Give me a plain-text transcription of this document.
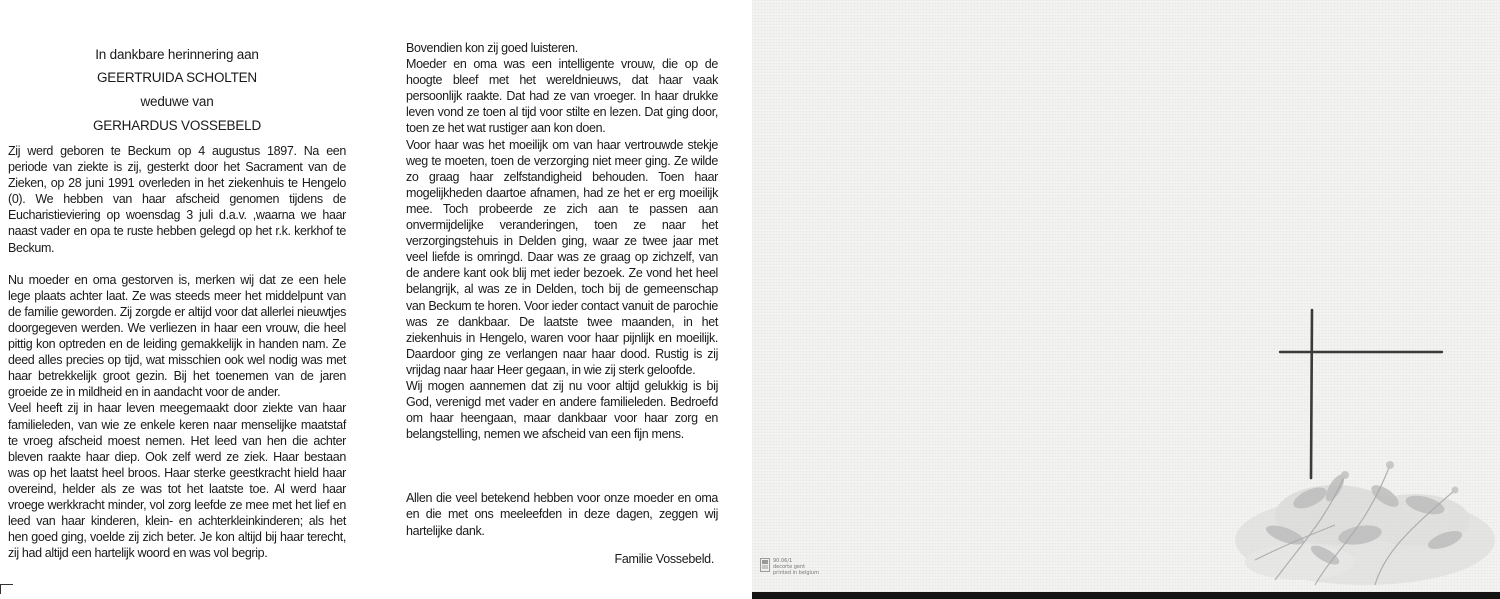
In dankbare herinnering aan
GEERTRUIDA SCHOLTEN
weduwe van
GERHARDUS VOSSEBELD

Zij werd geboren te Beckum op 4 augustus 1897. Na een periode van ziekte is zij, gesterkt door het Sacrament van de Zieken, op 28 juni 1991 overleden in het ziekenhuis te Hengelo (0). We hebben van haar afscheid genomen tijdens de Eucharistieviering op woensdag 3 juli d.a.v. ,waarna we haar naast vader en opa te ruste hebben gelegd op het r.k. kerkhof te Beckum.

Nu moeder en oma gestorven is, merken wij dat ze een hele lege plaats achter laat. Ze was steeds meer het middelpunt van de familie geworden. Zij zorgde er altijd voor dat allerlei nieuwtjes doorgegeven werden. We verliezen in haar een vrouw, die heel pittig kon optreden en de leiding gemakkelijk in handen nam. Ze deed alles precies op tijd, wat misschien ook wel nodig was met haar betrekkelijk groot gezin. Bij het toenemen van de jaren groeide ze in mildheid en in aandacht voor de ander.

Veel heeft zij in haar leven meegemaakt door ziekte van haar familieleden, van wie ze enkele keren naar menselijke maatstaf te vroeg afscheid moest nemen. Het leed van hen die achter bleven raakte haar diep. Ook zelf werd ze ziek. Haar bestaan was op het laatst heel broos. Haar sterke geestkracht hield haar overeind, helder als ze was tot het laatste toe. Al werd haar vroege werkkracht minder, vol zorg leefde ze mee met het lief en leed van haar kinderen, klein- en achterkleinkinderen; als het hen goed ging, voelde zij zich beter. Je kon altijd bij haar terecht, zij had altijd een hartelijk woord en was vol begrip.

Bovendien kon zij goed luisteren.

Moeder en oma was een intelligente vrouw, die op de hoogte bleef met het wereldnieuws, dat haar vaak persoonlijk raakte. Dat had ze van vroeger. In haar drukke leven vond ze toen al tijd voor stilte en lezen. Dat ging door, toen ze het wat rustiger aan kon doen.

Voor haar was het moeilijk om van haar vertrouwde stekje weg te moeten, toen de verzorging niet meer ging. Ze wilde zo graag haar zelfstandigheid behouden. Toen haar mogelijkheden daartoe afnamen, had ze het er erg moeilijk mee. Toch probeerde ze zich aan te passen aan onvermijdelijke veranderingen, toen ze naar het verzorgingstehuis in Delden ging, waar ze twee jaar met veel liefde is omringd. Daar was ze graag op zichzelf, van de andere kant ook blij met ieder bezoek. Ze vond het heel belangrijk, al was ze in Delden, toch bij de gemeenschap van Beckum te horen. Voor ieder contact vanuit de parochie was ze dankbaar. De laatste twee maanden, in het ziekenhuis in Hengelo, waren voor haar pijnlijk en moeilijk. Daardoor ging ze verlangen naar haar dood. Rustig is zij vrijdag naar haar Heer gegaan, in wie zij sterk geloofde.

Wij mogen aannemen dat zij nu voor altijd gelukkig is bij God, verenigd met vader en andere familieleden. Bedroefd om haar heengaan, maar dankbaar voor haar zorg en belangstelling, nemen we afscheid van een fijn mens.

Allen die veel betekend hebben voor onze moeder en oma en die met ons meeleefden in deze dagen, zeggen wij hartelijke dank.

Familie Vossebeld.	90.06/1
decorte gent
printed in belgium
